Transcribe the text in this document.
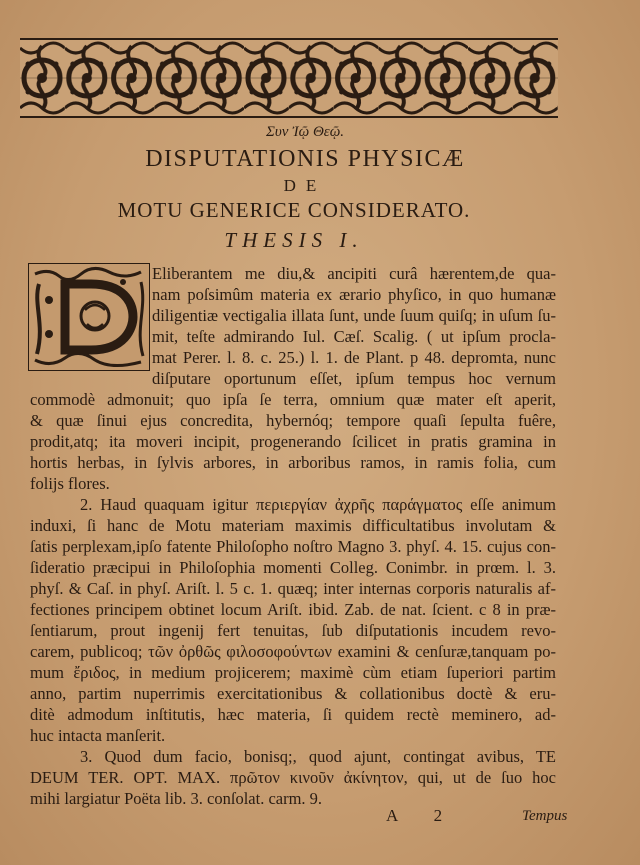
Συν Ἰῷ Θεῷ.
DISPUTATIONIS PHYSICÆ
DE
MOTU GENERICE CONSIDERATO.
THESIS I.
Eliberantem me diu,& ancipiti curâ hærentem,de qua-
nam poſsimûm materia ex ærario phyſico, in quo humanæ
diligentiæ vectigalia illata ſunt, unde ſuum quiſq; in uſum ſu-
mit, teſte admirando Iul. Cæſ. Scalig. ( ut ipſum procla-
mat Perer. l. 8. c. 25.) l. 1. de Plant. p 48. depromta, nunc
diſputare oportunum eſſet, ipſum tempus hoc vernum
commodè admonuit; quo ipſa ſe terra, omnium quæ mater eſt aperit,
& quæ ſinui ejus concredita, hybernóq; tempore quaſi ſepulta fuêre,
prodit,atq; ita moveri incipit, progenerando ſcilicet in pratis gramina in
hortis herbas, in ſylvis arbores, in arboribus ramos, in ramis folia, cum
folijs flores.
2. Haud quaquam igitur περιεργίαν ἀχρῆς παράγματος eſſe animum
induxi, ſi hanc de Motu materiam maximis difficultatibus involutam &
ſatis perplexam,ipſo fatente Philoſopho noſtro Magno 3. phyſ. 4. 15. cujus con-
ſideratio præcipui in Philoſophia momenti Colleg. Conimbr. in prœm. l. 3.
phyſ. & Caſ. in phyſ. Ariſt. l. 5 c. 1. quæq; inter internas corporis naturalis af-
fectiones principem obtinet locum Ariſt. ibid. Zab. de nat. ſcient. c 8 in præ-
ſentiarum, prout ingenij fert tenuitas, ſub diſputationis incudem revo-
carem, publicoq; τῶν ὀρθῶς φιλοσοφούντων examini & cenſuræ,tanquam po-
mum ἔριδος, in medium projicerem; maximè cùm etiam ſuperiori partim
anno, partim nuperrimis exercitationibus & collationibus doctè & eru-
ditè admodum inſtitutis, hæc materia, ſi quidem rectè meminero, ad-
huc intacta manſerit.
3. Quod dum facio, bonisq;, quod ajunt, contingat avibus, TE
DEUM TER. OPT. MAX. πρῶτον κινοῦν ἀκίνητον, qui, ut de ſuo hoc
mihi largiatur Poëta lib. 3. conſolat. carm. 9.
A 2	Tempus
